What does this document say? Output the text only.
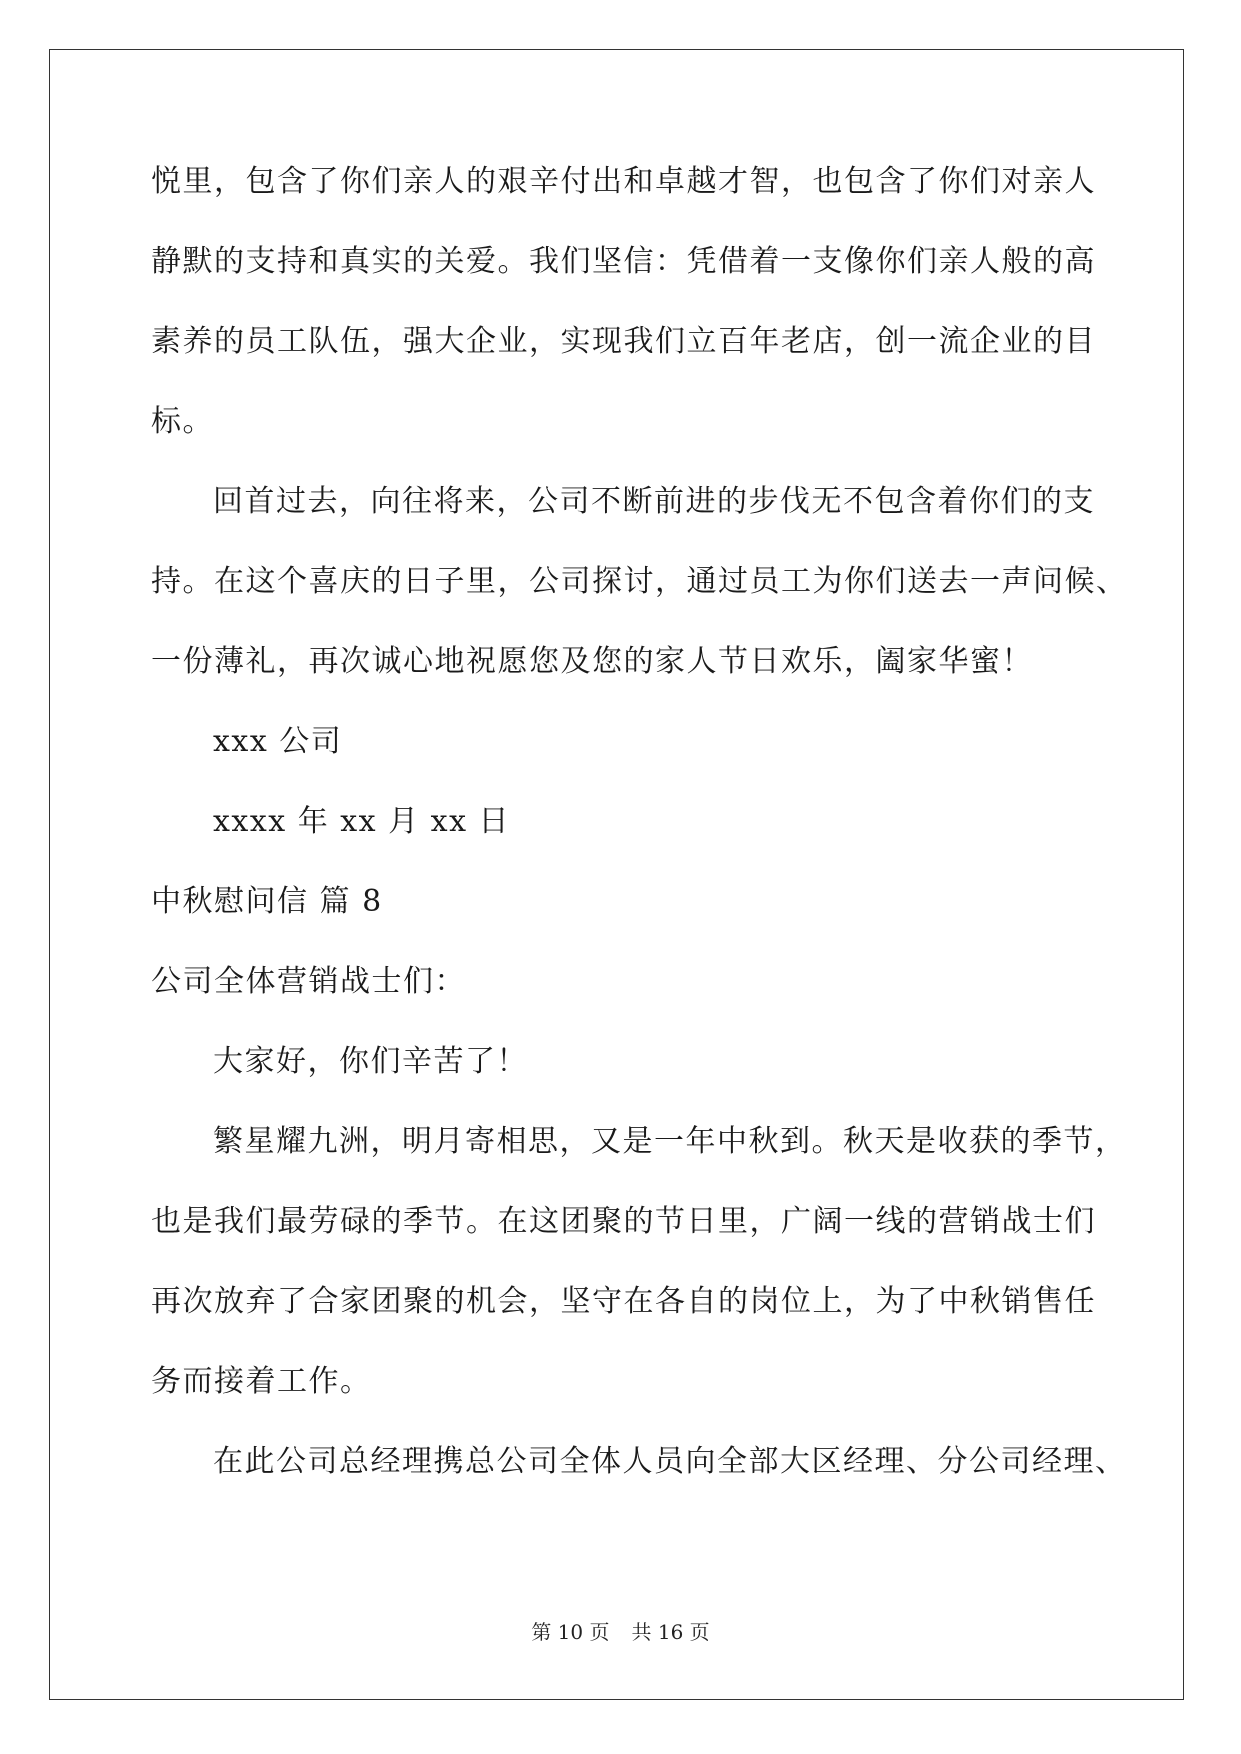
悦里，包含了你们亲人的艰辛付出和卓越才智，也包含了你们对亲人
静默的支持和真实的关爱。我们坚信：凭借着一支像你们亲人般的高
素养的员工队伍，强大企业，实现我们立百年老店，创一流企业的目
标。
回首过去，向往将来，公司不断前进的步伐无不包含着你们的支
持。在这个喜庆的日子里，公司探讨，通过员工为你们送去一声问候、
一份薄礼，再次诚心地祝愿您及您的家人节日欢乐，阖家华蜜！
xxx 公司
xxxx 年 xx 月 xx 日
中秋慰问信 篇 8
公司全体营销战士们：
大家好，你们辛苦了！
繁星耀九洲，明月寄相思，又是一年中秋到。秋天是收获的季节，
也是我们最劳碌的季节。在这团聚的节日里，广阔一线的营销战士们
再次放弃了合家团聚的机会，坚守在各自的岗位上，为了中秋销售任
务而接着工作。
在此公司总经理携总公司全体人员向全部大区经理、分公司经理、
第 10 页 共 16 页
